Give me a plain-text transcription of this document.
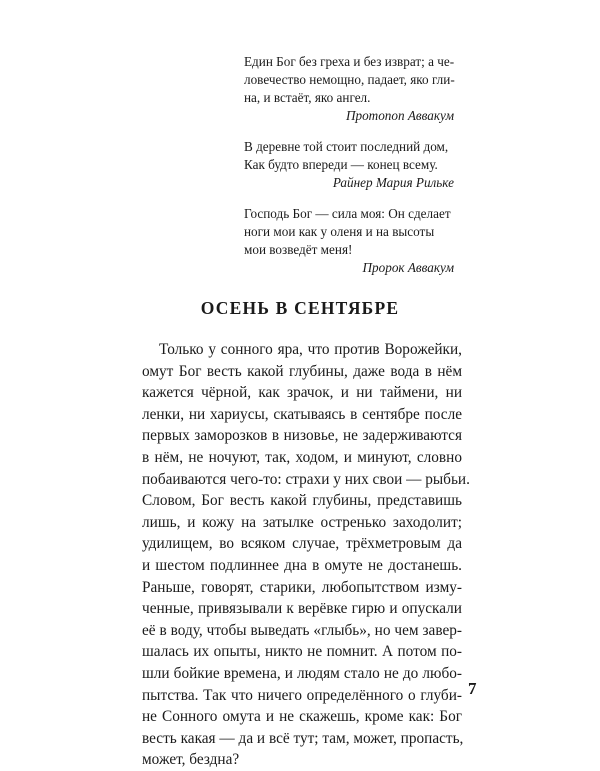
Един Бог без греха и без изврат; а че-
ловечество немощно, падает, яко гли-
на, и встаёт, яко ангел.
Протопоп Аввакум
В деревне той стоит последний дом,
Как будто впереди — конец всему.
Райнер Мария Рильке
Господь Бог — сила моя: Он сделает
ноги мои как у оленя и на высоты
мои возведёт меня!
Пророк Аввакум
ОСЕНЬ В СЕНТЯБРЕ
Только у сонного яра, что против Ворожейки,
омут Бог весть какой глубины, даже вода в нём
кажется чёрной, как зрачок, и ни таймени, ни
ленки, ни хариусы, скатываясь в сентябре после
первых заморозков в низовье, не задерживаются
в нём, не ночуют, так, ходом, и минуют, словно
побаиваются чего-то: страхи у них свои — рыбьи.
Словом, Бог весть какой глубины, представишь
лишь, и кожу на затылке остренько заходолит;
удилищем, во всяком случае, трёхметровым да
и шестом подлиннее дна в омуте не достанешь.
Раньше, говорят, старики, любопытством изму-
ченные, привязывали к верёвке гирю и опускали
её в воду, чтобы выведать «глыбь», но чем завер-
шалась их опыты, никто не помнит. А потом по-
шли бойкие времена, и людям стало не до любо-
пытства. Так что ничего определённого о глуби-
не Сонного омута и не скажешь, кроме как: Бог
весть какая — да и всё тут; там, может, пропасть,
может, бездна?
7
